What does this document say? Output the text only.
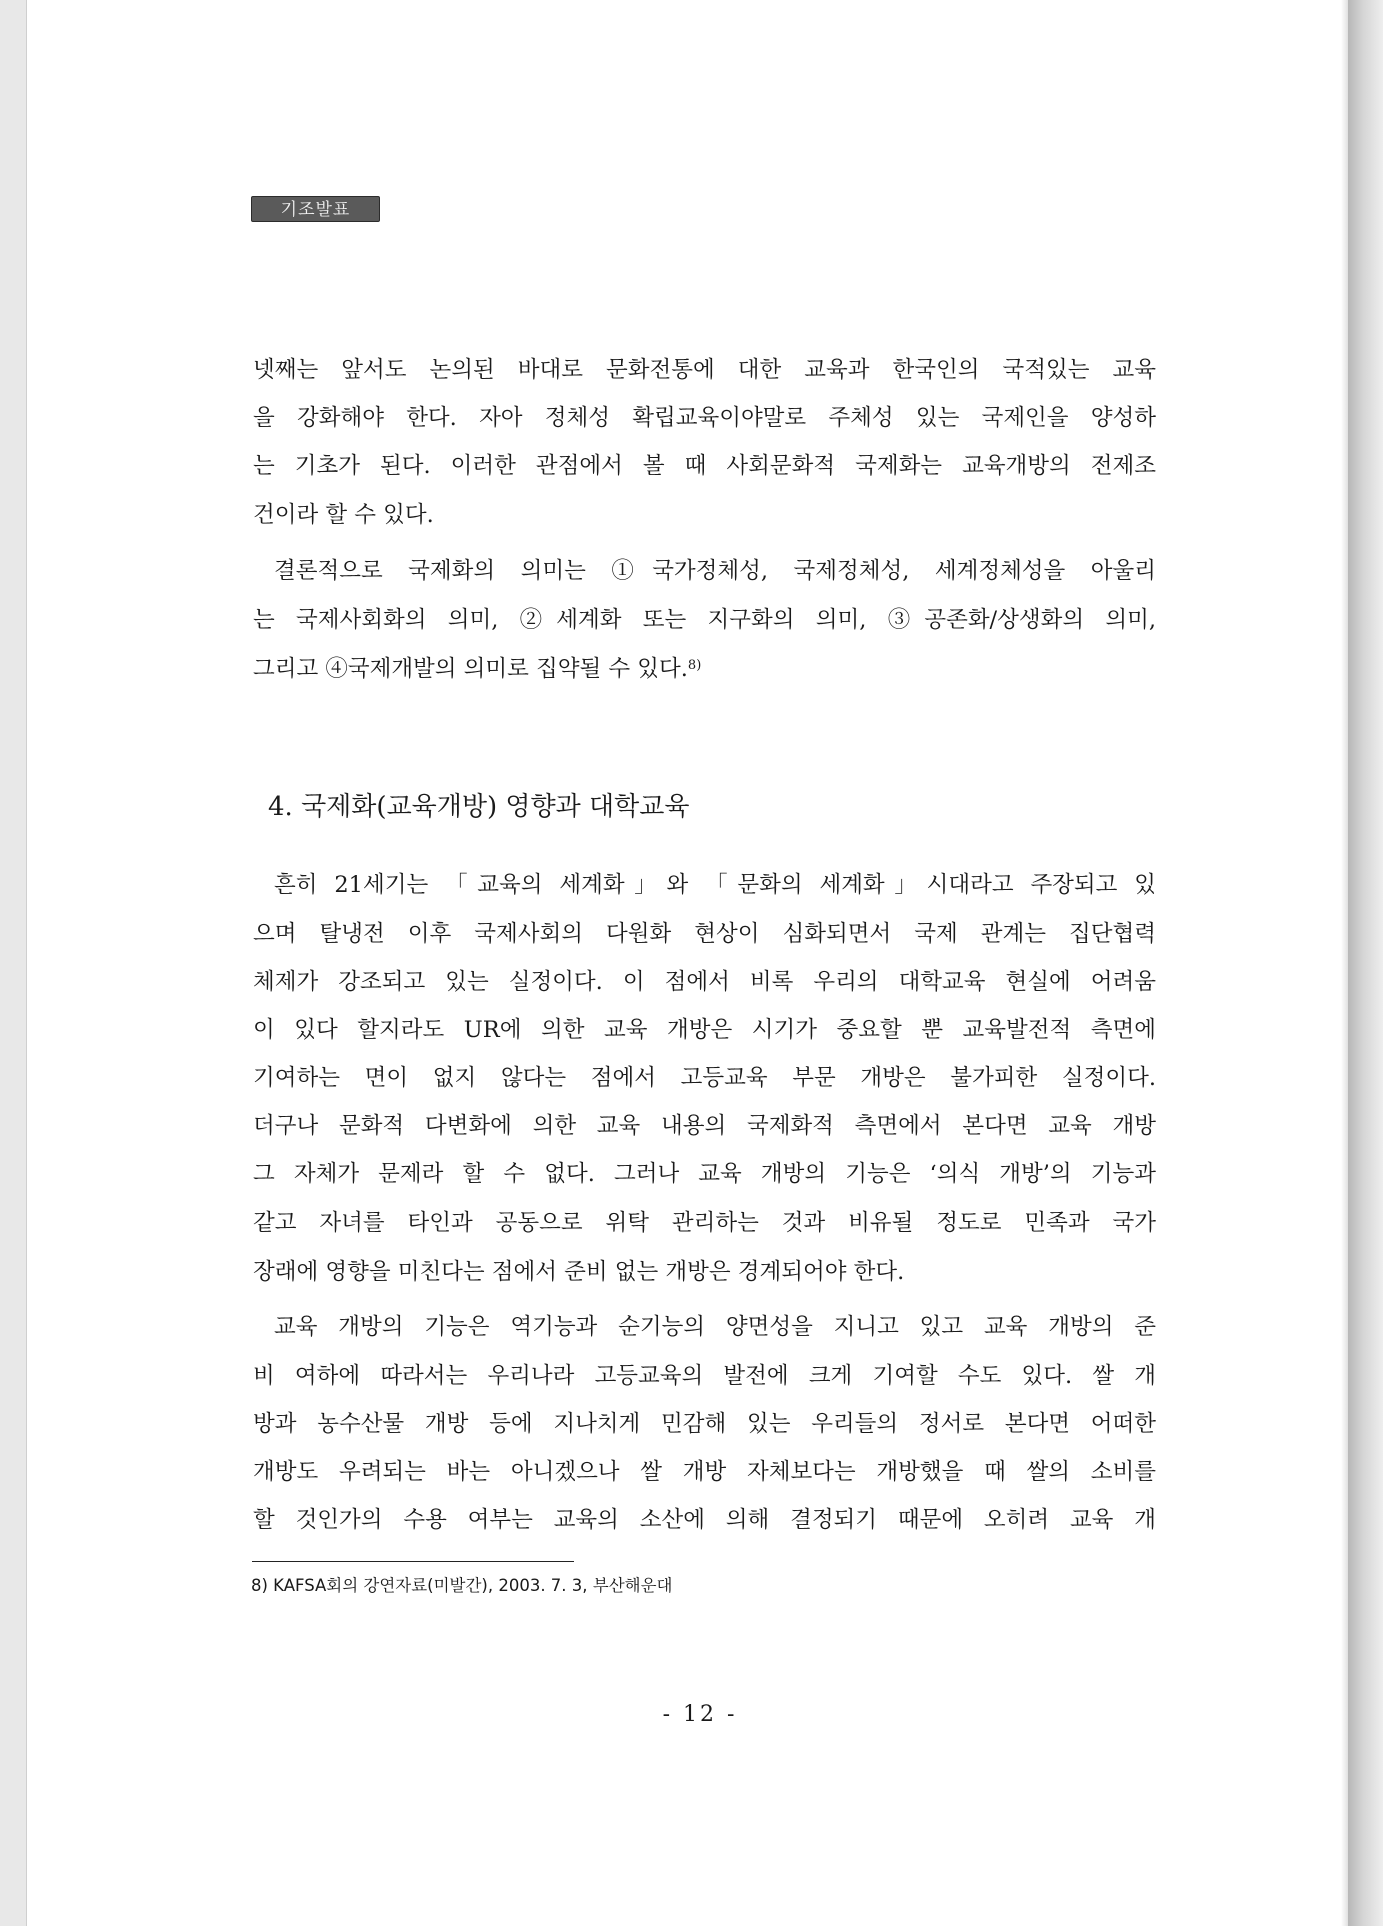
기조발표
넷째는 앞서도 논의된 바대로 문화전통에 대한 교육과 한국인의 국적있는 교육
을 강화해야 한다. 자아 정체성 확립교육이야말로 주체성 있는 국제인을 양성하
는 기초가 된다. 이러한 관점에서 볼 때 사회문화적 국제화는 교육개방의 전제조
건이라 할 수 있다.
결론적으로 국제화의 의미는 ①국가정체성, 국제정체성, 세계정체성을 아울리
는 국제사회화의 의미, ②세계화 또는 지구화의 의미, ③공존화/상생화의 의미,
그리고 ④국제개발의 의미로 집약될 수 있다.$^{8)}$
4. 국제화(교육개방) 영향과 대학교육
흔히 21세기는 「교육의 세계화」와 「문화의 세계화」시대라고 주장되고 있
으며 탈냉전 이후 국제사회의 다원화 현상이 심화되면서 국제 관계는 집단협력
체제가 강조되고 있는 실정이다. 이 점에서 비록 우리의 대학교육 현실에 어려움
이 있다 할지라도 UR에 의한 교육 개방은 시기가 중요할 뿐 교육발전적 측면에
기여하는 면이 없지 않다는 점에서 고등교육 부문 개방은 불가피한 실정이다.
더구나 문화적 다변화에 의한 교육 내용의 국제화적 측면에서 본다면 교육 개방
그 자체가 문제라 할 수 없다. 그러나 교육 개방의 기능은 ‘의식 개방’의 기능과
같고 자녀를 타인과 공동으로 위탁 관리하는 것과 비유될 정도로 민족과 국가
장래에 영향을 미친다는 점에서 준비 없는 개방은 경계되어야 한다.
교육 개방의 기능은 역기능과 순기능의 양면성을 지니고 있고 교육 개방의 준
비 여하에 따라서는 우리나라 고등교육의 발전에 크게 기여할 수도 있다. 쌀 개
방과 농수산물 개방 등에 지나치게 민감해 있는 우리들의 정서로 본다면 어떠한
개방도 우려되는 바는 아니겠으나 쌀 개방 자체보다는 개방했을 때 쌀의 소비를
할 것인가의 수용 여부는 교육의 소산에 의해 결정되기 때문에 오히려 교육 개
8) KAFSA회의 강연자료(미발간), 2003. 7. 3, 부산해운대
- 12 -
